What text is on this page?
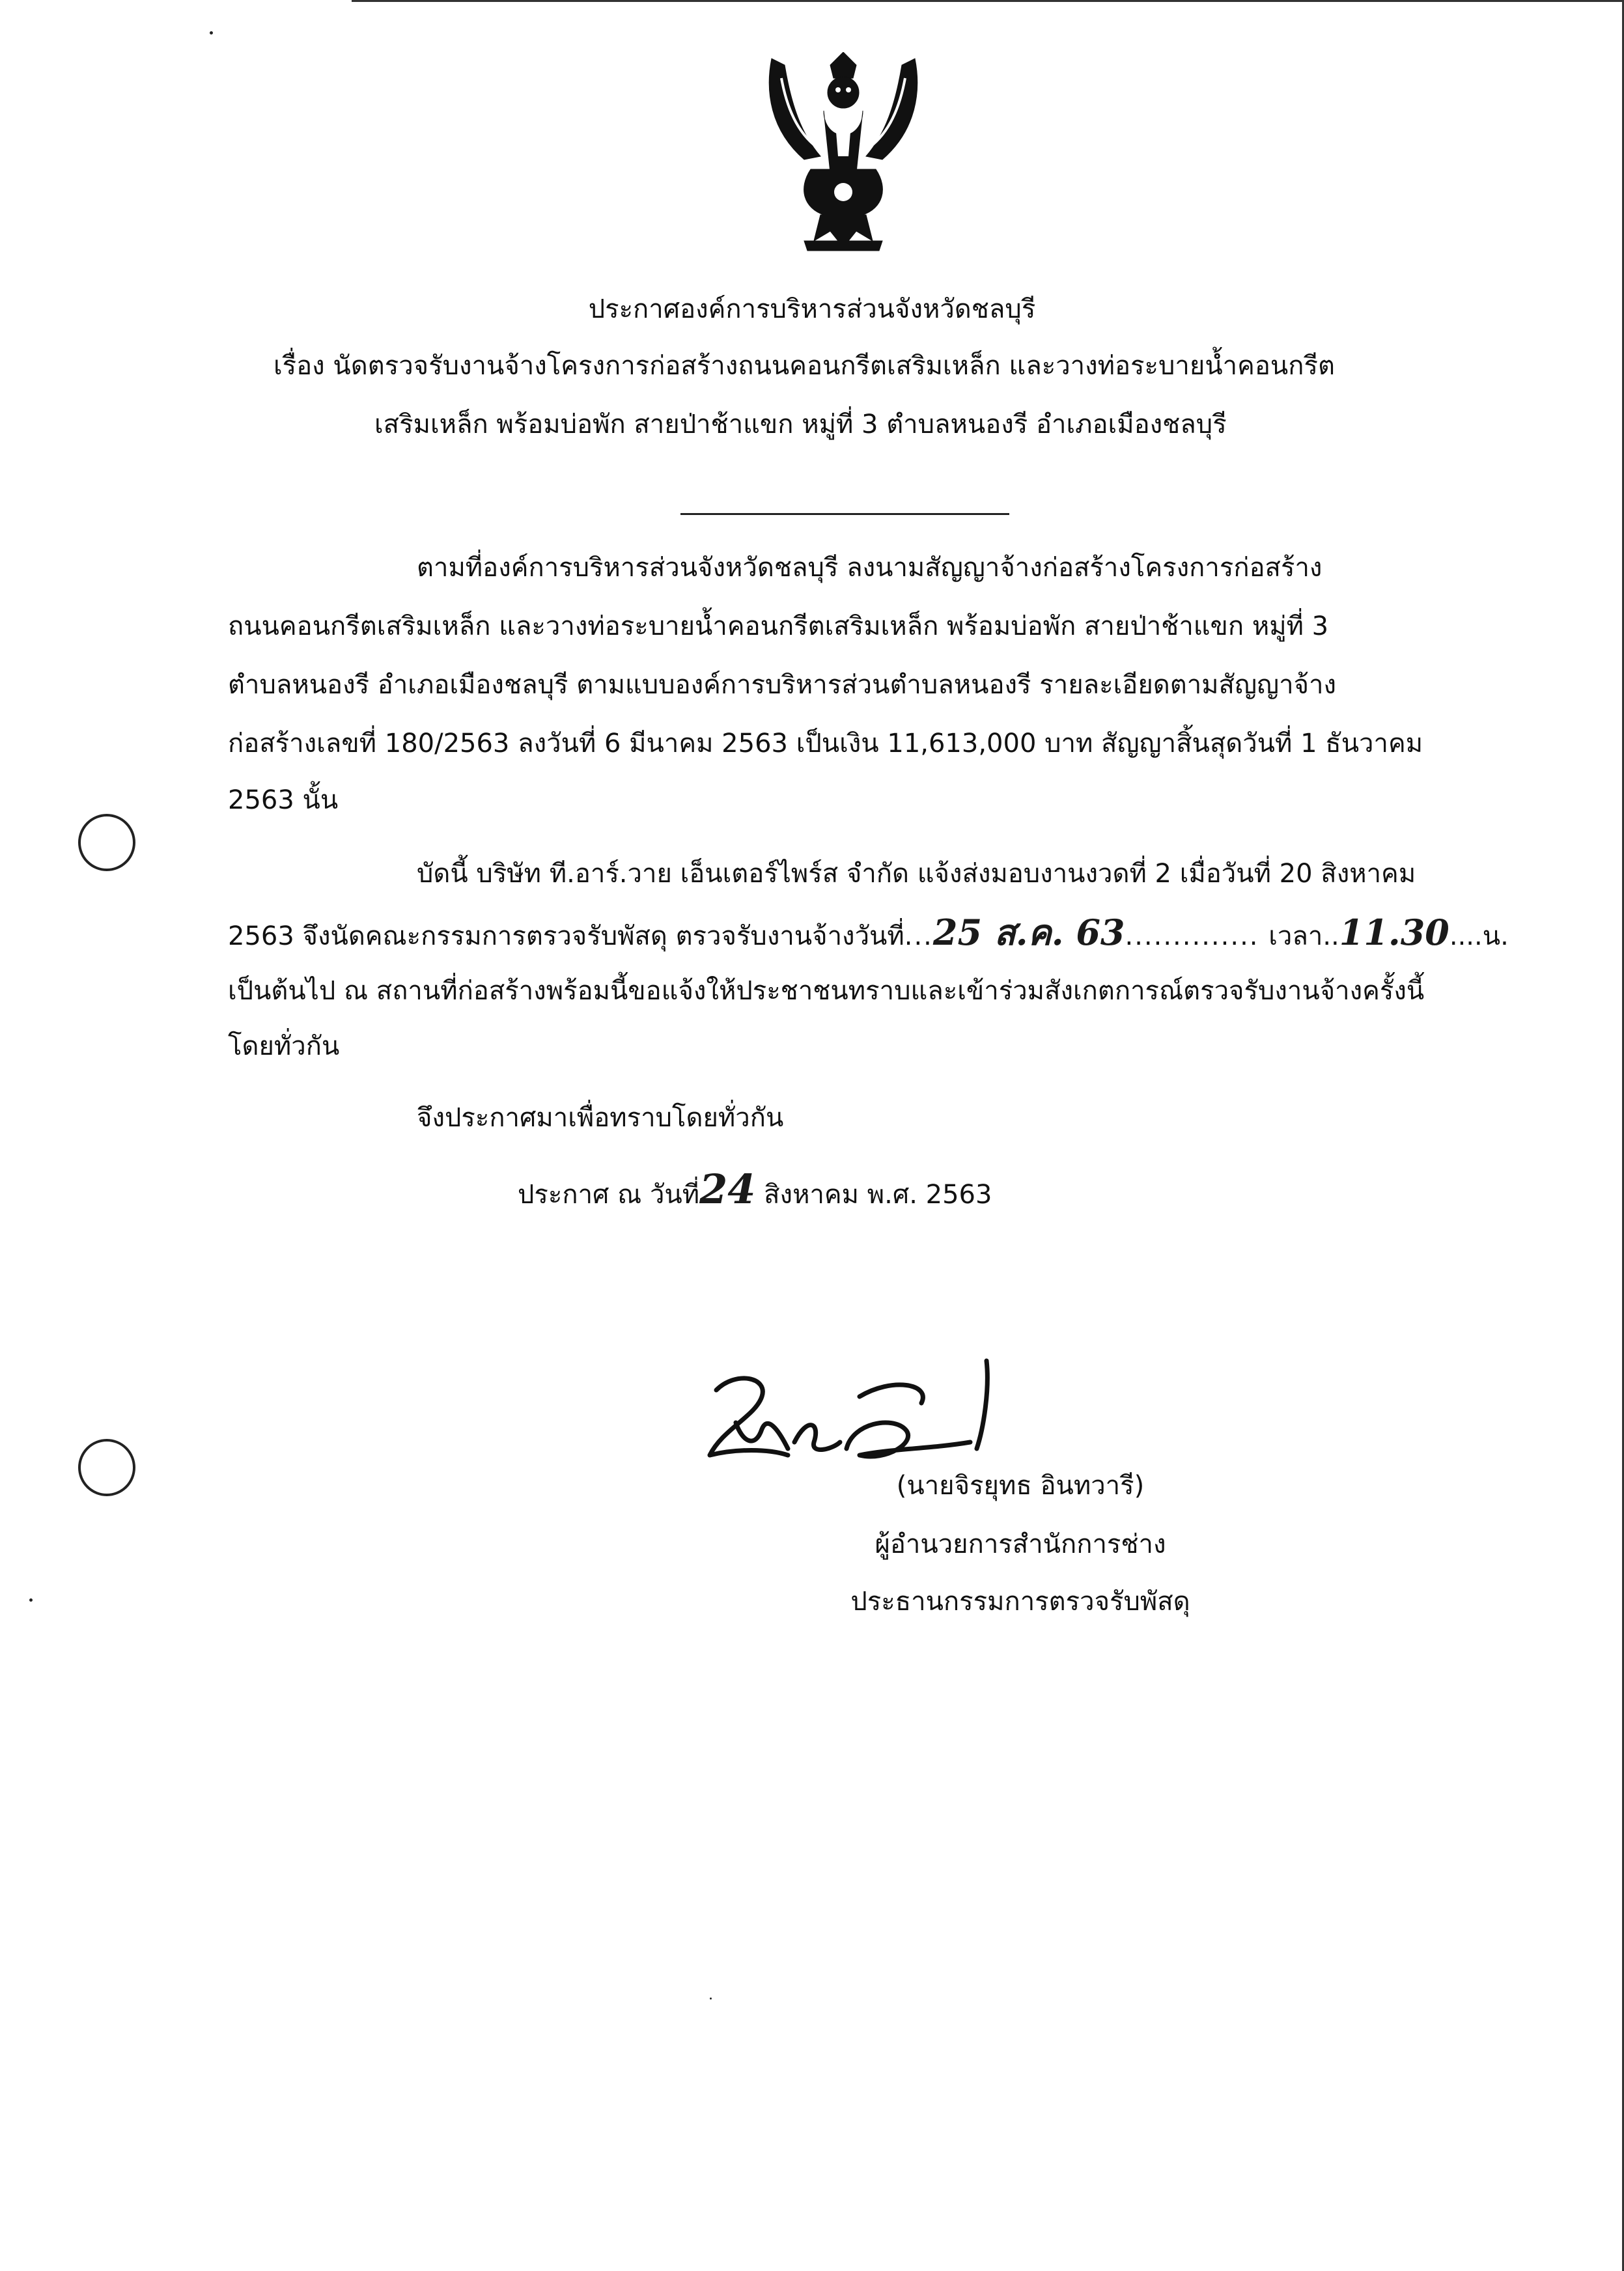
ประกาศองค์การบริหารส่วนจังหวัดชลบุรี

เรื่อง นัดตรวจรับงานจ้างโครงการก่อสร้างถนนคอนกรีตเสริมเหล็ก และวางท่อระบายน้ำคอนกรีต

เสริมเหล็ก พร้อมบ่อพัก สายป่าช้าแขก หมู่ที่ 3 ตำบลหนองรี อำเภอเมืองชลบุรี

ตามที่องค์การบริหารส่วนจังหวัดชลบุรี ลงนามสัญญาจ้างก่อสร้างโครงการก่อสร้าง

ถนนคอนกรีตเสริมเหล็ก และวางท่อระบายน้ำคอนกรีตเสริมเหล็ก พร้อมบ่อพัก สายป่าช้าแขก หมู่ที่ 3

ตำบลหนองรี อำเภอเมืองชลบุรี ตามแบบองค์การบริหารส่วนตำบลหนองรี รายละเอียดตามสัญญาจ้าง

ก่อสร้างเลขที่ 180/2563 ลงวันที่ 6 มีนาคม 2563 เป็นเงิน 11,613,000 บาท สัญญาสิ้นสุดวันที่ 1 ธันวาคม

2563 นั้น

บัดนี้ บริษัท ที.อาร์.วาย เอ็นเตอร์ไพร์ส จำกัด แจ้งส่งมอบงานงวดที่ 2 เมื่อวันที่ 20 สิงหาคม

2563 จึงนัดคณะกรรมการตรวจรับพัสดุ ตรวจรับงานจ้างวันที่...25 ส.ค. 63.............. เวลา..11.30....น.

เป็นต้นไป ณ สถานที่ก่อสร้างพร้อมนี้ขอแจ้งให้ประชาชนทราบและเข้าร่วมสังเกตการณ์ตรวจรับงานจ้างครั้งนี้

โดยทั่วกัน

จึงประกาศมาเพื่อทราบโดยทั่วกัน

ประกาศ ณ วันที่24 สิงหาคม พ.ศ. 2563

(นายจิรยุทธ อินทวารี)

ผู้อำนวยการสำนักการช่าง

ประธานกรรมการตรวจรับพัสดุ
